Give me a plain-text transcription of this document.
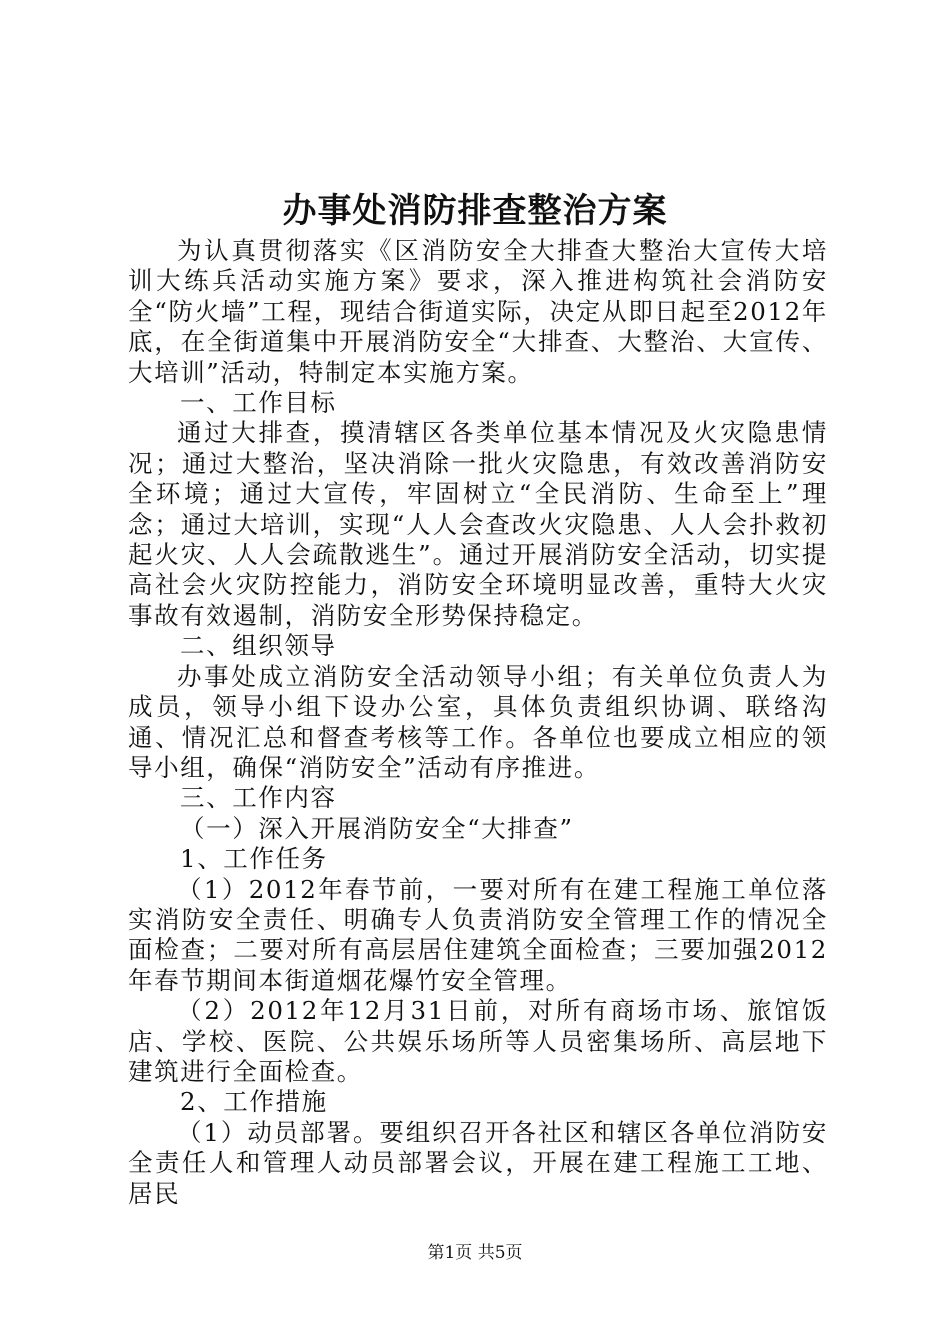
办事处消防排查整治方案

为认真贯彻落实《区消防安全大排查大整治大宣传大培训大练兵活动实施方案》要求，深入推进构筑社会消防安全“防火墙”工程，现结合街道实际，决定从即日起至2012年底，在全街道集中开展消防安全“大排查、大整治、大宣传、大培训”活动，特制定本实施方案。

一、工作目标

通过大排查，摸清辖区各类单位基本情况及火灾隐患情况；通过大整治，坚决消除一批火灾隐患，有效改善消防安全环境；通过大宣传，牢固树立“全民消防、生命至上”理念；通过大培训，实现“人人会查改火灾隐患、人人会扑救初起火灾、人人会疏散逃生”。通过开展消防安全活动，切实提高社会火灾防控能力，消防安全环境明显改善，重特大火灾事故有效遏制，消防安全形势保持稳定。

二、组织领导

办事处成立消防安全活动领导小组；有关单位负责人为成员，领导小组下设办公室，具体负责组织协调、联络沟通、情况汇总和督查考核等工作。各单位也要成立相应的领导小组，确保“消防安全”活动有序推进。

三、工作内容

（一）深入开展消防安全“大排查”

1、工作任务

（1）2012年春节前，一要对所有在建工程施工单位落实消防安全责任、明确专人负责消防安全管理工作的情况全面检查；二要对所有高层居住建筑全面检查；三要加强2012年春节期间本街道烟花爆竹安全管理。

（2）2012年12月31日前，对所有商场市场、旅馆饭店、学校、医院、公共娱乐场所等人员密集场所、高层地下建筑进行全面检查。

2、工作措施

（1）动员部署。要组织召开各社区和辖区各单位消防安全责任人和管理人动员部署会议，开展在建工程施工工地、居民

第1页 共5页
